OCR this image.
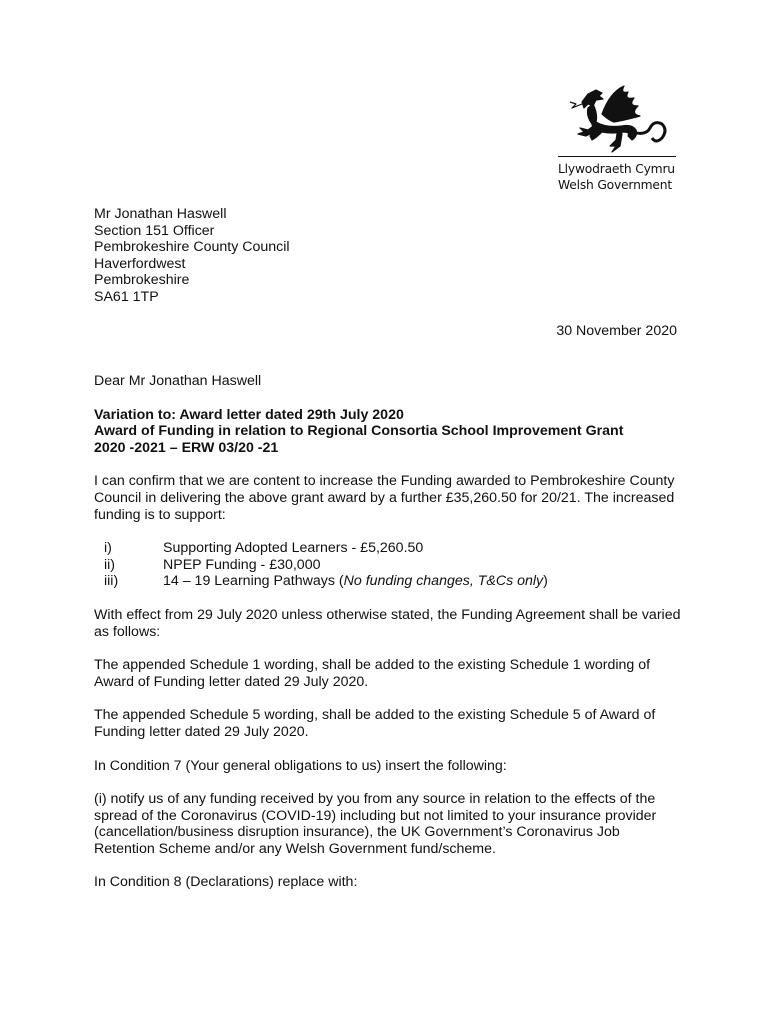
Llywodraeth Cymru
Welsh Government
Mr Jonathan Haswell
Section 151 Officer
Pembrokeshire County Council
Haverfordwest
Pembrokeshire
SA61 1TP
30 November 2020

Dear Mr Jonathan Haswell

Variation to: Award letter dated 29th July 2020
Award of Funding in relation to Regional Consortia School Improvement Grant
2020 -2021 – ERW 03/20 -21

I can confirm that we are content to increase the Funding awarded to Pembrokeshire County Council in delivering the above grant award by a further £35,260.50 for 20/21. The increased funding is to support:

i)	Supporting Adopted Learners - £5,260.50
ii)	NPEP Funding - £30,000
iii)	14 – 19 Learning Pathways (No funding changes, T&Cs only)

With effect from 29 July 2020 unless otherwise stated, the Funding Agreement shall be varied as follows:

The appended Schedule 1 wording, shall be added to the existing Schedule 1 wording of Award of Funding letter dated 29 July 2020.

The appended Schedule 5 wording, shall be added to the existing Schedule 5 of Award of Funding letter dated 29 July 2020.

In Condition 7 (Your general obligations to us) insert the following:

(i) notify us of any funding received by you from any source in relation to the effects of the spread of the Coronavirus (COVID-19) including but not limited to your insurance provider (cancellation/business disruption insurance), the UK Government’s Coronavirus Job Retention Scheme and/or any Welsh Government fund/scheme.

In Condition 8 (Declarations) replace with:
